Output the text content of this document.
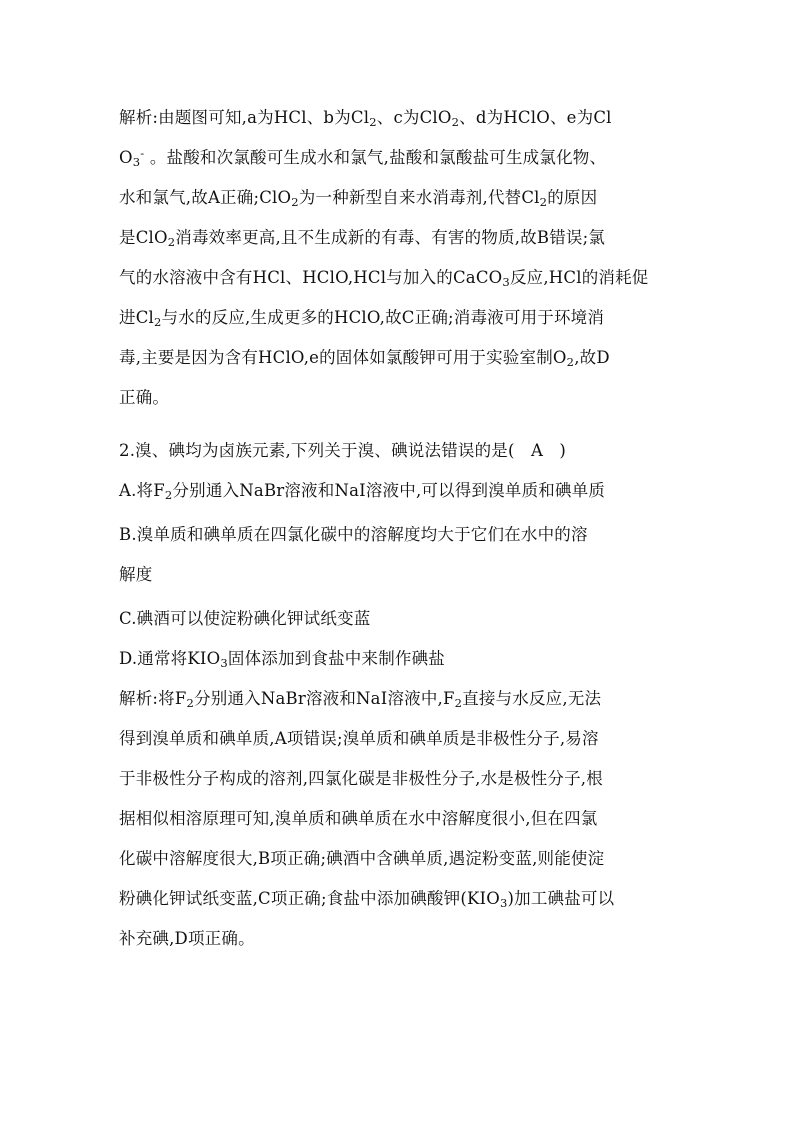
解析:由题图可知,a为HCl、b为$Cl_2$、c为ClO$_2$、d为HClO、e为Cl
$O_3^-$ 。盐酸和次氯酸可生成水和氯气,盐酸和氯酸盐可生成氯化物、
水和氯气,故A正确;ClO$_2$为一种新型自来水消毒剂,代替$Cl_2$的原因
是ClO$_2$消毒效率更高,且不生成新的有毒、有害的物质,故B错误;氯
气的水溶液中含有HCl、HClO,HCl与加入的CaCO$_3$反应,HCl的消耗促
进$Cl_2$与水的反应,生成更多的HClO,故C正确;消毒液可用于环境消
毒,主要是因为含有HClO,e的固体如氯酸钾可用于实验室制$O_2$,故D
正确。
2.溴、碘均为卤族元素,下列关于溴、碘说法错误的是(   A   )
A.将$F_2$分别通入NaBr溶液和NaI溶液中,可以得到溴单质和碘单质
B.溴单质和碘单质在四氯化碳中的溶解度均大于它们在水中的溶
解度
C.碘酒可以使淀粉碘化钾试纸变蓝
D.通常将$KIO_3$固体添加到食盐中来制作碘盐
解析:将$F_2$分别通入NaBr溶液和NaI溶液中$,F_2$直接与水反应,无法
得到溴单质和碘单质,A项错误;溴单质和碘单质是非极性分子,易溶
于非极性分子构成的溶剂,四氯化碳是非极性分子,水是极性分子,根
据相似相溶原理可知,溴单质和碘单质在水中溶解度很小,但在四氯
化碳中溶解度很大,B项正确;碘酒中含碘单质,遇淀粉变蓝,则能使淀
粉碘化钾试纸变蓝,C项正确;食盐中添加碘酸钾$(KIO_3)$加工碘盐可以
补充碘,D项正确。
